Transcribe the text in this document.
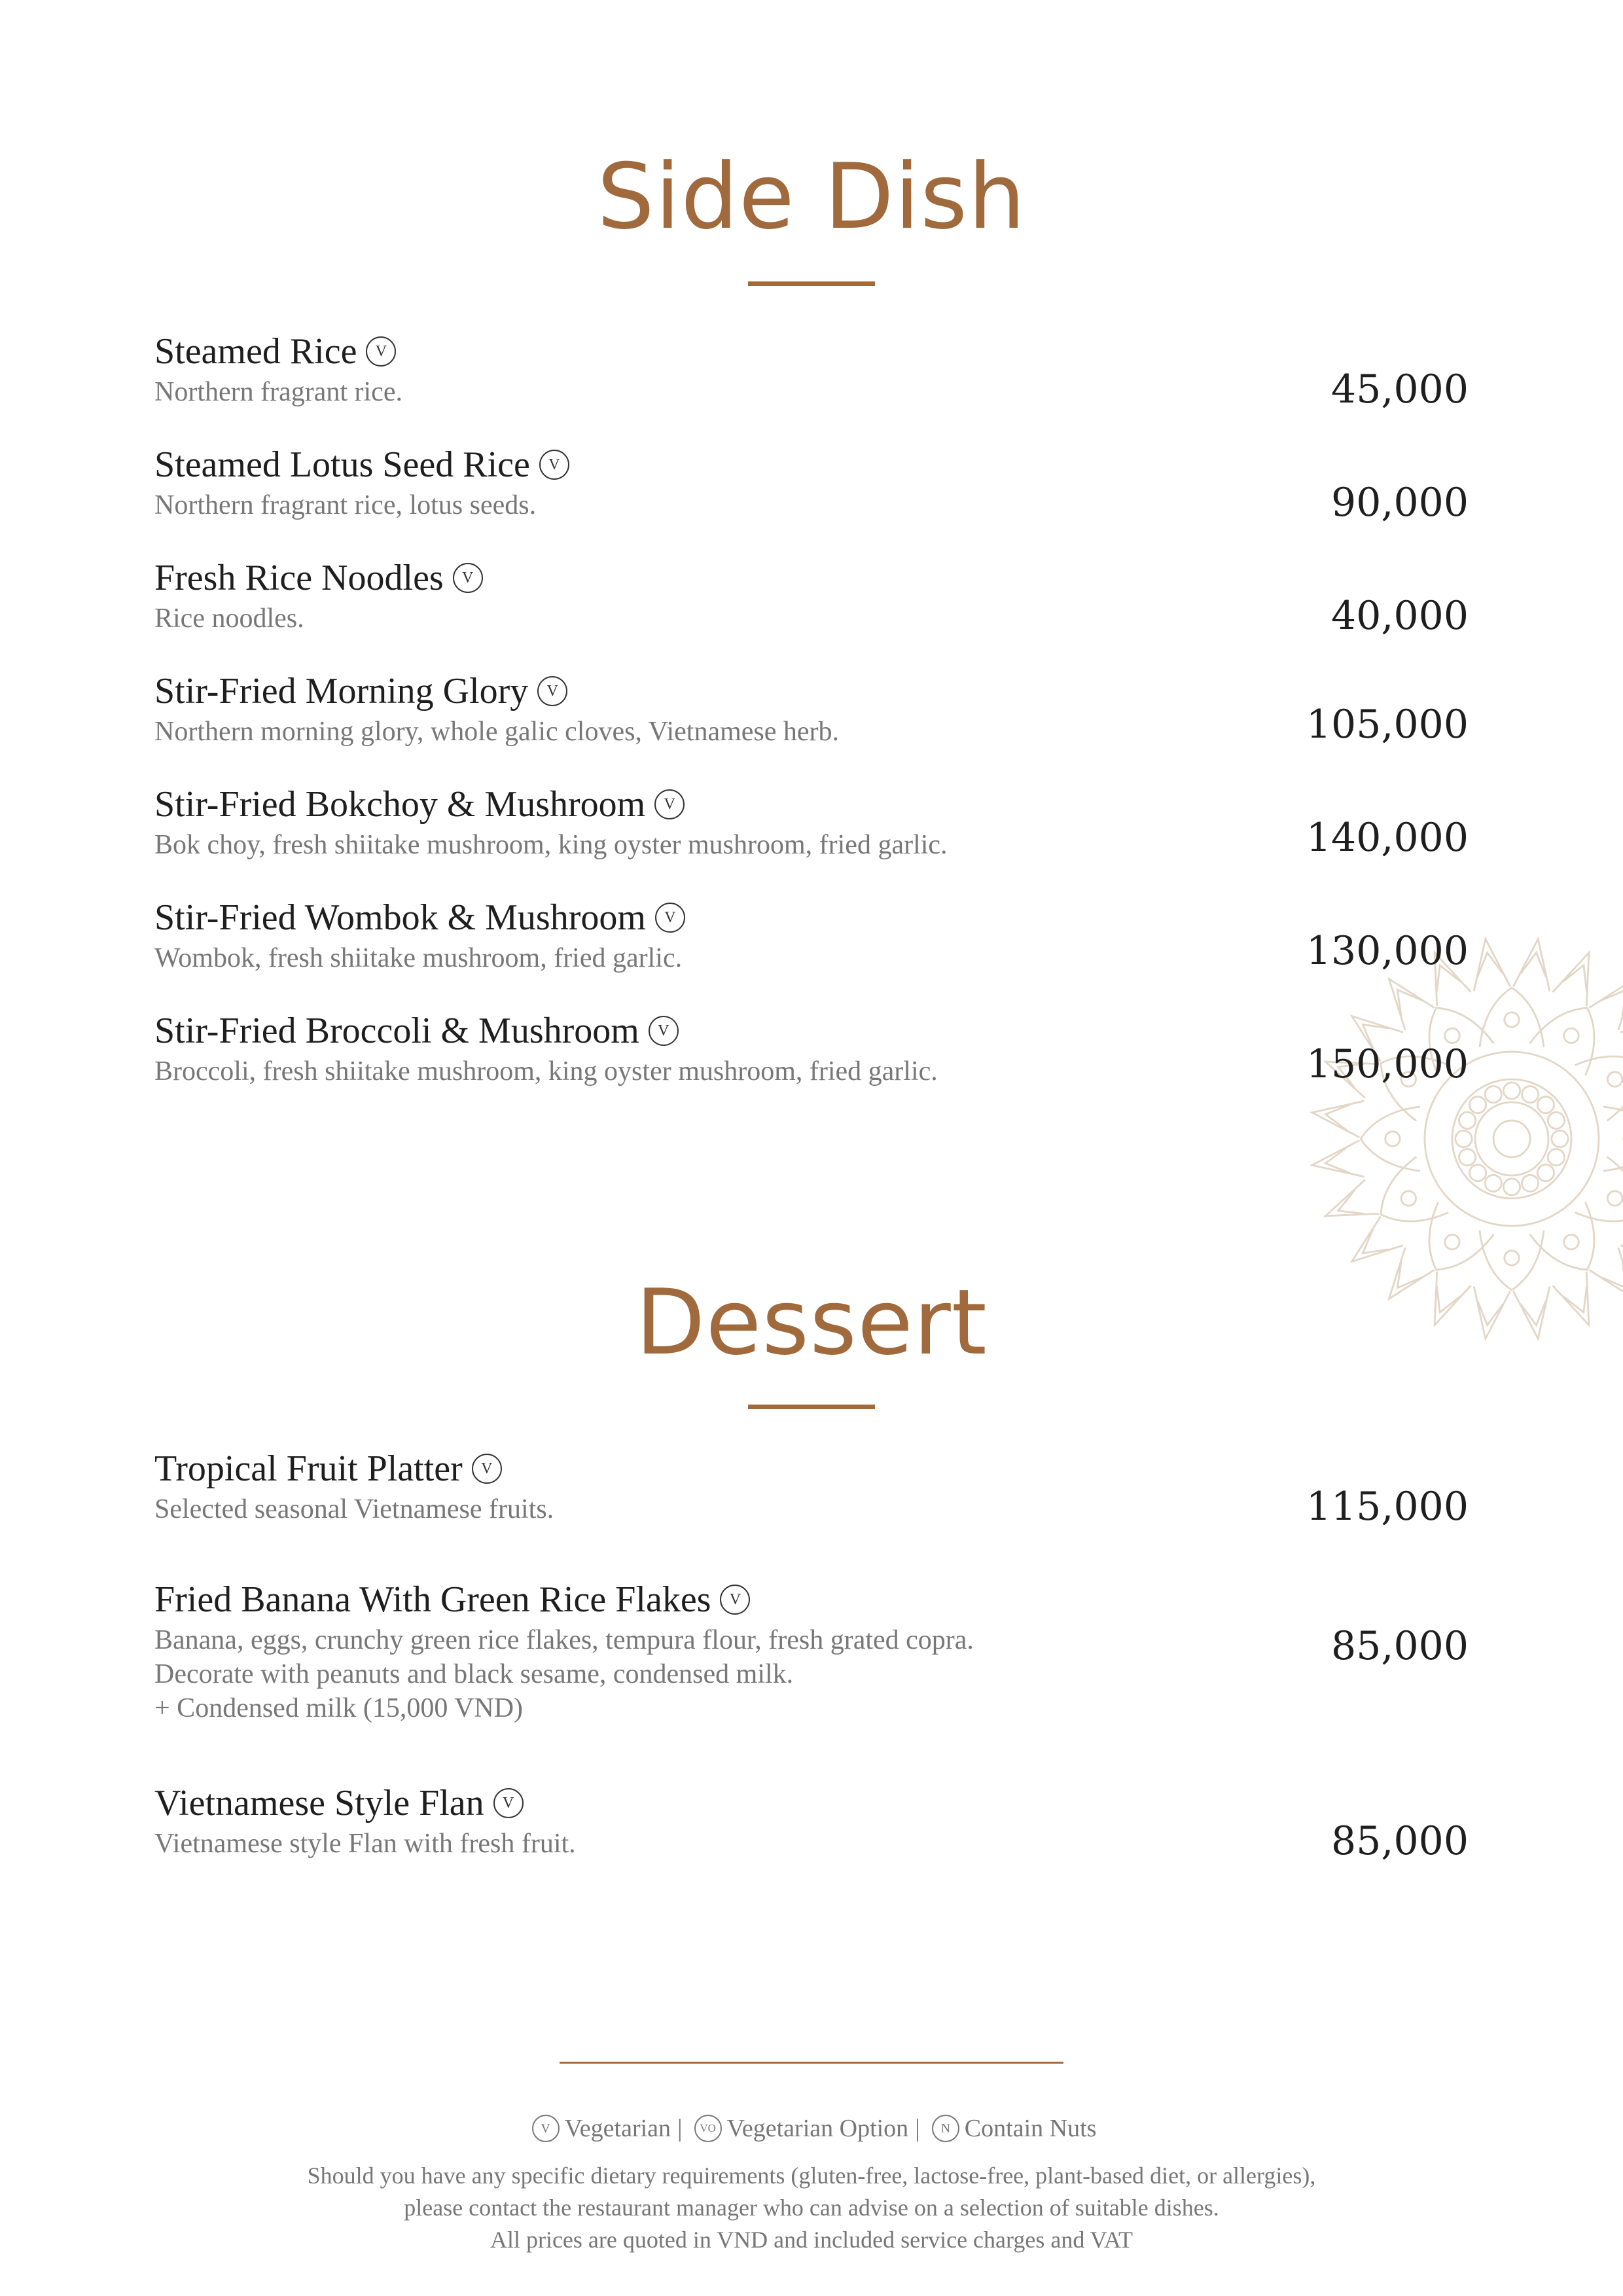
Side Dish
Steamed Rice	V
Northern fragrant rice.	45,000
Steamed Lotus Seed Rice	V
Northern fragrant rice, lotus seeds.	90,000
Fresh Rice Noodles	V
Rice noodles.	40,000
Stir-Fried Morning Glory	V
Northern morning glory, whole galic cloves, Vietnamese herb.	105,000
Stir-Fried Bokchoy & Mushroom	V
Bok choy, fresh shiitake mushroom, king oyster mushroom, fried garlic.	140,000
Stir-Fried Wombok & Mushroom	V
Wombok, fresh shiitake mushroom, fried garlic.	130,000
Stir-Fried Broccoli & Mushroom	V
Broccoli, fresh shiitake mushroom, king oyster mushroom, fried garlic.	150,000
Dessert
Tropical Fruit Platter	V
Selected seasonal Vietnamese fruits.	115,000
Fried Banana With Green Rice Flakes	V
Banana, eggs, crunchy green rice flakes, tempura flour, fresh grated copra.
Decorate with peanuts and black sesame, condensed milk.
+ Condensed milk (15,000 VND)
85,000
Vietnamese Style Flan	V
Vietnamese style Flan with fresh fruit.	85,000
V Vegetarian |	VO Vegetarian Option |	N Contain Nuts
Should you have any specific dietary requirements (gluten-free, lactose-free, plant-based diet, or allergies),
please contact the restaurant manager who can advise on a selection of suitable dishes.
All prices are quoted in VND and included service charges and VAT
